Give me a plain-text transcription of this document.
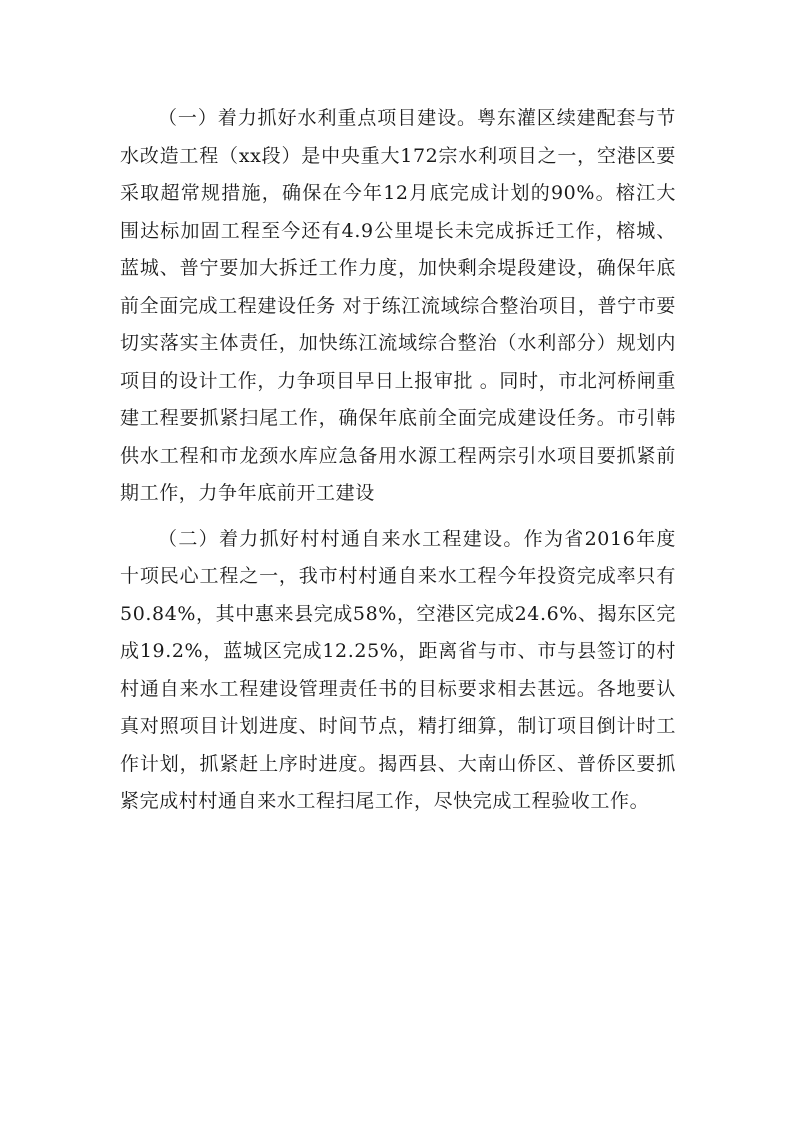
（一）着力抓好水利重点项目建设。粤东灌区续建配套与节水改造工程（xx段）是中央重大172宗水利项目之一，空港区要采取超常规措施，确保在今年12月底完成计划的90%。榕江大围达标加固工程至今还有4.9公里堤长未完成拆迁工作，榕城、蓝城、普宁要加大拆迁工作力度，加快剩余堤段建设，确保年底前全面完成工程建设任务 对于练江流域综合整治项目，普宁市要切实落实主体责任，加快练江流域综合整治（水利部分）规划内项目的设计工作，力争项目早日上报审批 。同时，市北河桥闸重建工程要抓紧扫尾工作，确保年底前全面完成建设任务。市引韩供水工程和市龙颈水库应急备用水源工程两宗引水项目要抓紧前期工作，力争年底前开工建设

（二）着力抓好村村通自来水工程建设。作为省2016年度十项民心工程之一，我市村村通自来水工程今年投资完成率只有50.84%，其中惠来县完成58%，空港区完成24.6%、揭东区完成19.2%，蓝城区完成12.25%，距离省与市、市与县签订的村村通自来水工程建设管理责任书的目标要求相去甚远。各地要认真对照项目计划进度、时间节点，精打细算，制订项目倒计时工作计划，抓紧赶上序时进度。揭西县、大南山侨区、普侨区要抓紧完成村村通自来水工程扫尾工作，尽快完成工程验收工作。
